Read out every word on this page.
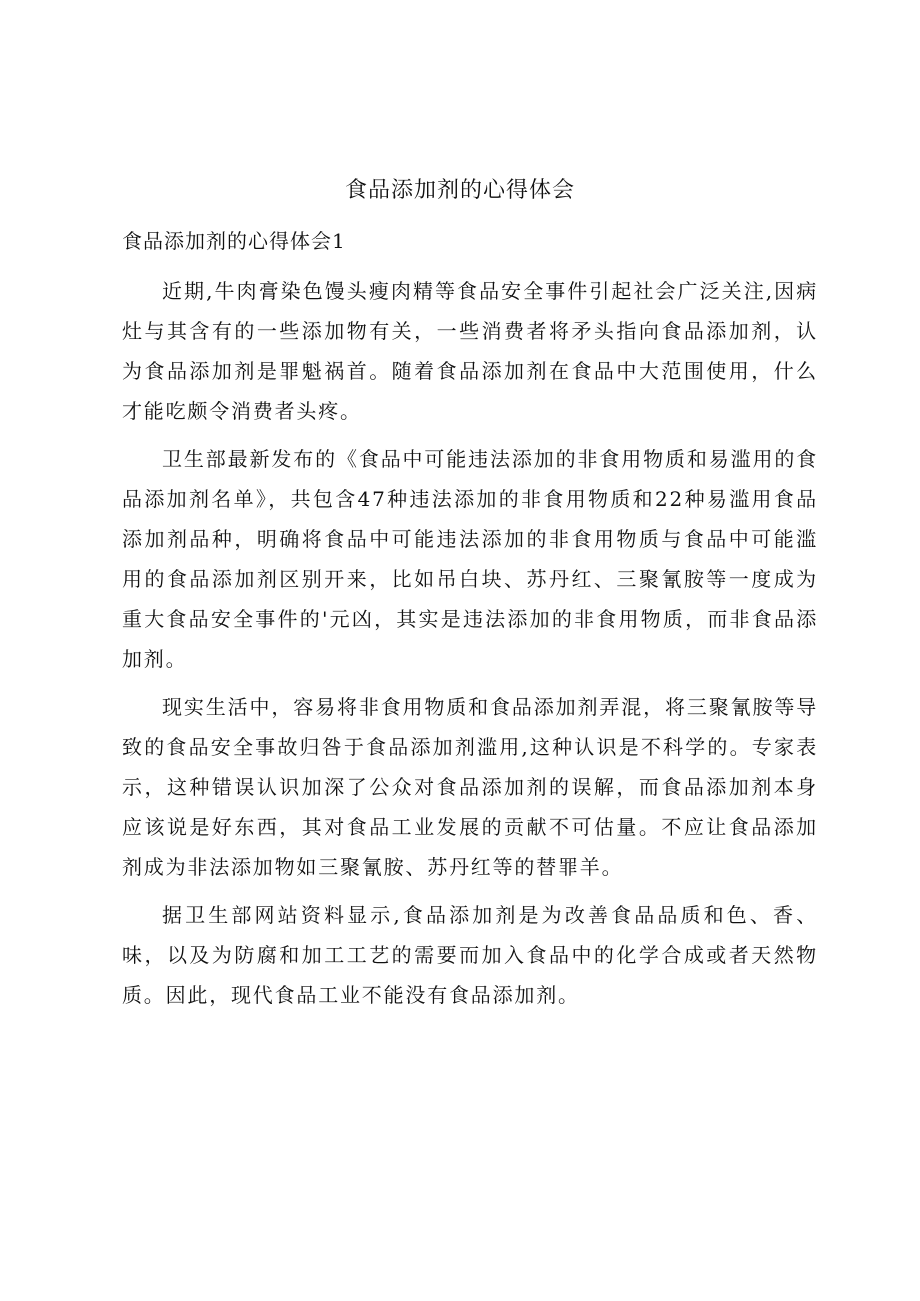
食品添加剂的心得体会
食品添加剂的心得体会1

近期,牛肉膏染色馒头瘦肉精等食品安全事件引起社会广泛关注,因病灶与其含有的一些添加物有关，一些消费者将矛头指向食品添加剂，认为食品添加剂是罪魁祸首。随着食品添加剂在食品中大范围使用，什么才能吃颇令消费者头疼。

卫生部最新发布的《食品中可能违法添加的非食用物质和易滥用的食品添加剂名单》，共包含47种违法添加的非食用物质和22种易滥用食品添加剂品种，明确将食品中可能违法添加的非食用物质与食品中可能滥用的食品添加剂区别开来，比如吊白块、苏丹红、三聚氰胺等一度成为重大食品安全事件的'元凶，其实是违法添加的非食用物质，而非食品添加剂。

现实生活中，容易将非食用物质和食品添加剂弄混，将三聚氰胺等导致的食品安全事故归咎于食品添加剂滥用,这种认识是不科学的。专家表示，这种错误认识加深了公众对食品添加剂的误解，而食品添加剂本身应该说是好东西，其对食品工业发展的贡献不可估量。不应让食品添加剂成为非法添加物如三聚氰胺、苏丹红等的替罪羊。

据卫生部网站资料显示,食品添加剂是为改善食品品质和色、香、味，以及为防腐和加工工艺的需要而加入食品中的化学合成或者天然物质。因此，现代食品工业不能没有食品添加剂。
